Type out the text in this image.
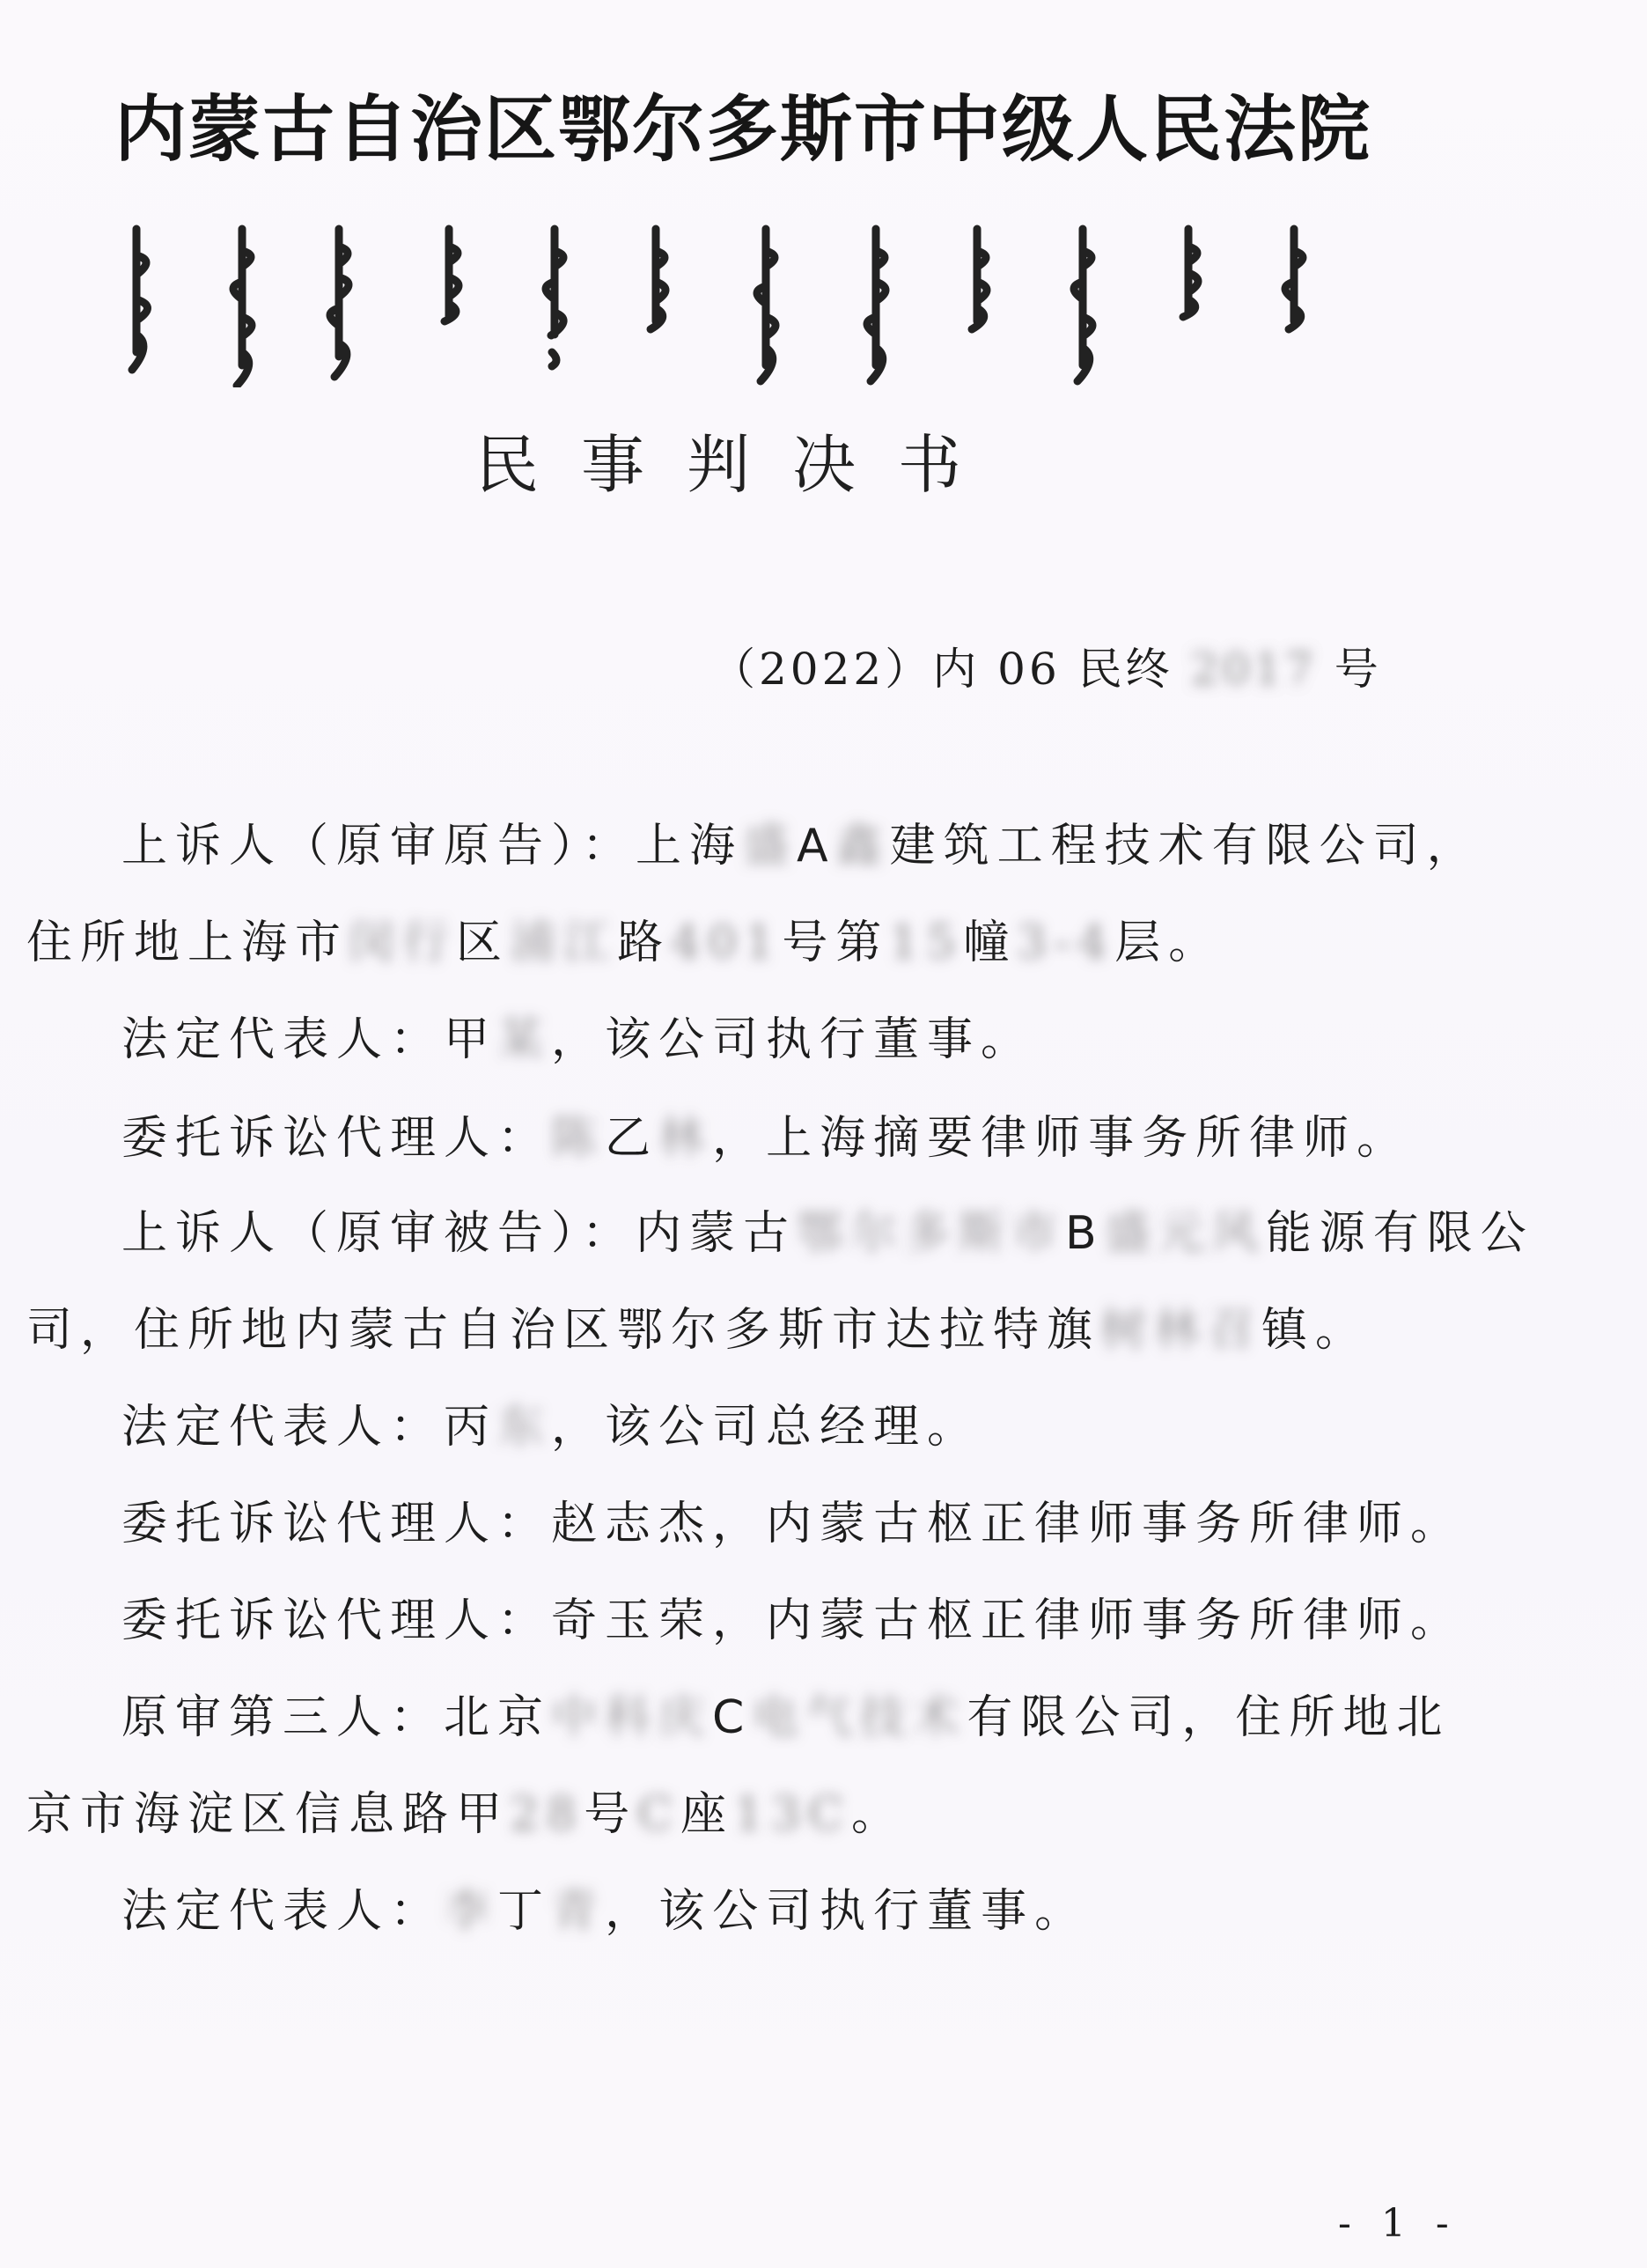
内蒙古自治区鄂尔多斯市中级人民法院
民事判决书
（2022）内 06 民终 2017 号
上诉人（原审原告）：上海盛A鑫建筑工程技术有限公司，
住所地上海市闵行区浦江路401号第15幢3-4层。
法定代表人：甲某，该公司执行董事。
委托诉讼代理人：陈乙林，上海摘要律师事务所律师。
上诉人（原审被告）：内蒙古鄂尔多斯市B盛元风能源有限公
司，住所地内蒙古自治区鄂尔多斯市达拉特旗树林召镇。
法定代表人：丙东，该公司总经理。
委托诉讼代理人：赵志杰，内蒙古枢正律师事务所律师。
委托诉讼代理人：奇玉荣，内蒙古枢正律师事务所律师。
原审第三人：北京中科庆C电气技术有限公司，住所地北
京市海淀区信息路甲28号C座13C。
法定代表人：李丁青，该公司执行董事。
- 1 -
